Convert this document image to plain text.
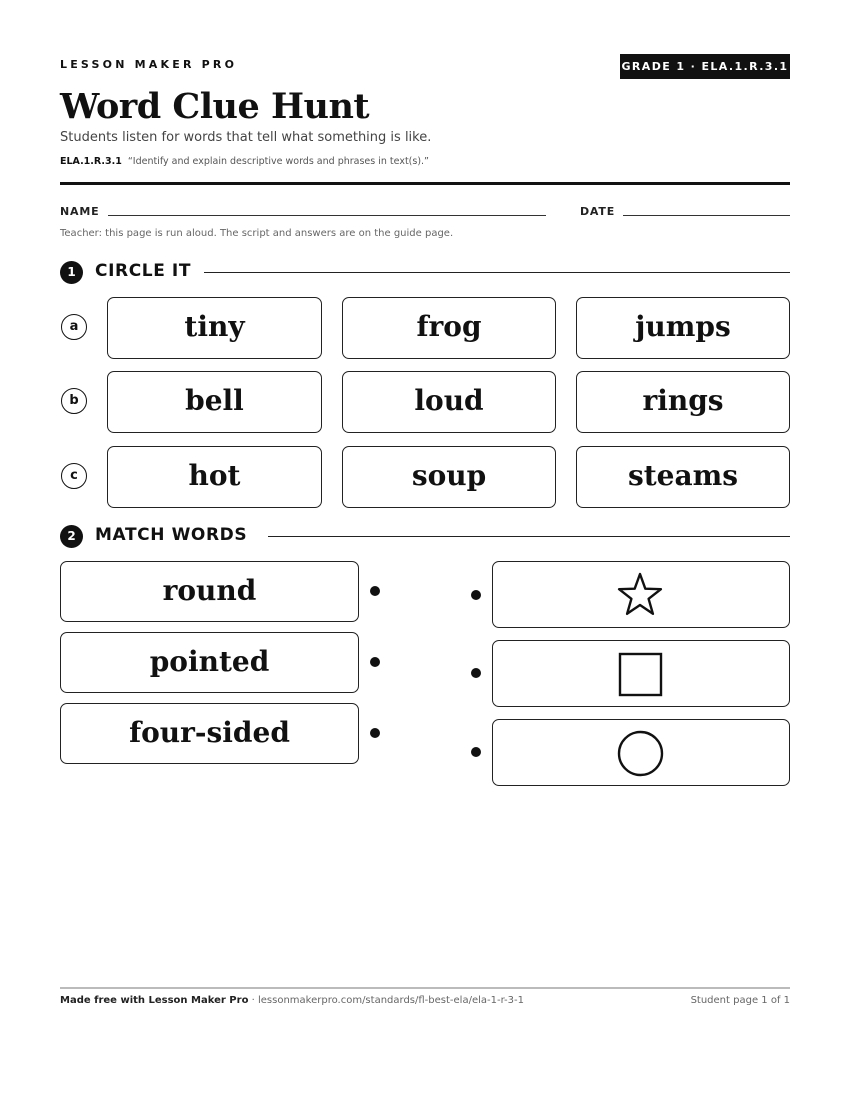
LESSON MAKER PRO	GRADE 1 · ELA.1.R.3.1
Word Clue Hunt
Students listen for words that tell what something is like.
ELA.1.R.3.1 “Identify and explain descriptive words and phrases in text(s).”
NAME	DATE
Teacher: this page is run aloud. The script and answers are on the guide page.
1	CIRCLE IT
a	tiny	frog	jumps
b	bell	loud	rings
c	hot	soup	steams
2	MATCH WORDS
round
pointed
four-sided
Made free with Lesson Maker Pro · lessonmakerpro.com/standards/fl-best-ela/ela-1-r-3-1	Student page 1 of 1
